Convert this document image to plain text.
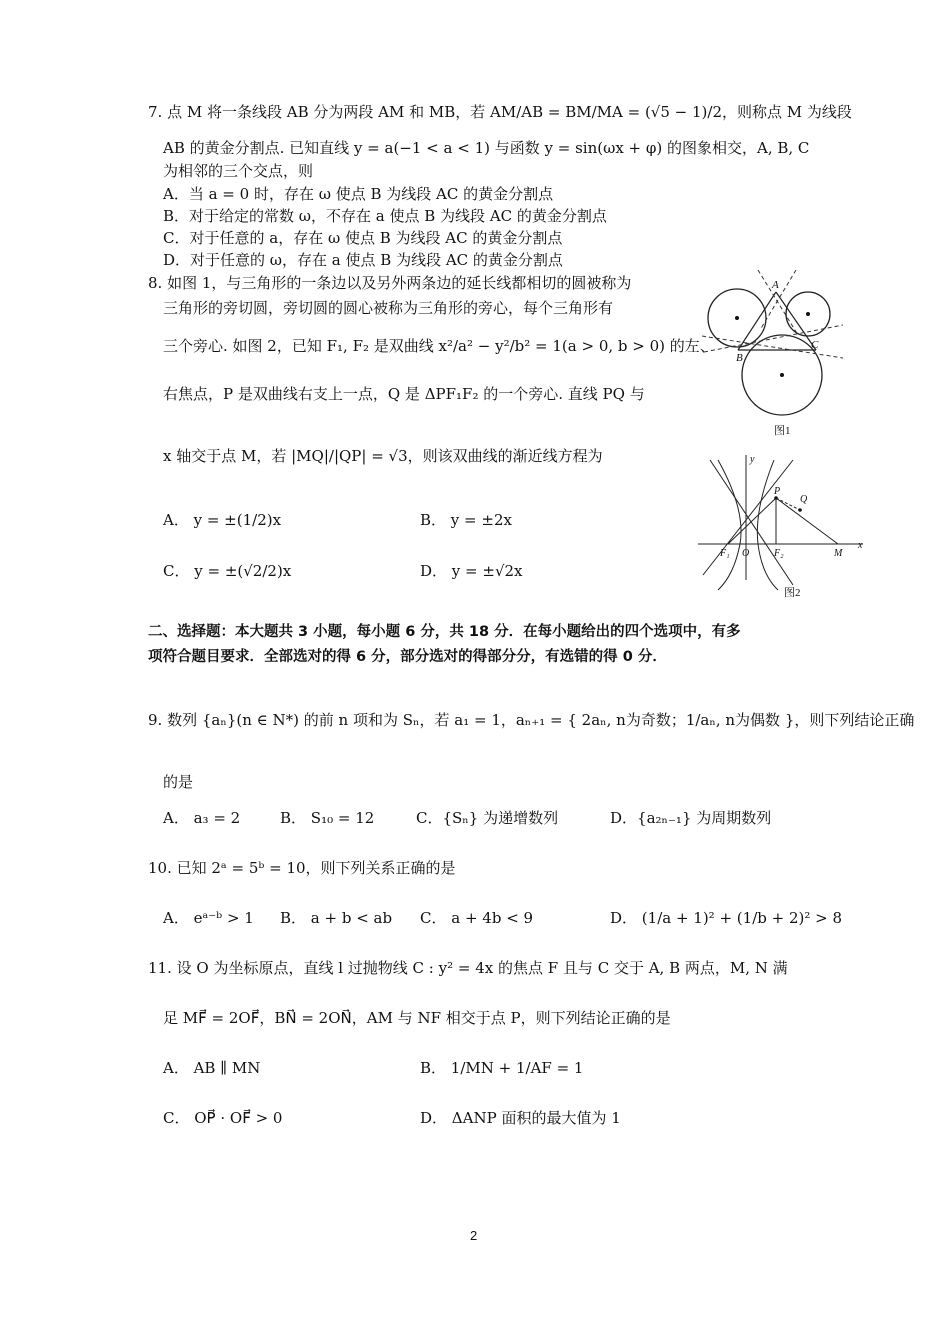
7. 点 M 将一条线段 AB 分为两段 AM 和 MB，若 AM/AB = BM/MA = (√5 − 1)/2，则称点 M 为线段
AB 的黄金分割点. 已知直线 y = a(−1 < a < 1) 与函数 y = sin(ωx + φ) 的图象相交，A, B, C
为相邻的三个交点，则
A．当 a = 0 时，存在 ω 使点 B 为线段 AC 的黄金分割点
B．对于给定的常数 ω，不存在 a 使点 B 为线段 AC 的黄金分割点
C．对于任意的 a，存在 ω 使点 B 为线段 AC 的黄金分割点
D．对于任意的 ω，存在 a 使点 B 为线段 AC 的黄金分割点
8. 如图 1，与三角形的一条边以及另外两条边的延长线都相切的圆被称为
三角形的旁切圆，旁切圆的圆心被称为三角形的旁心，每个三角形有
三个旁心. 如图 2，已知 F₁, F₂ 是双曲线 x²/a² − y²/b² = 1(a > 0, b > 0) 的左、
右焦点，P 是双曲线右支上一点，Q 是 ΔPF₁F₂ 的一个旁心. 直线 PQ 与
x 轴交于点 M，若 |MQ|/|QP| = √3，则该双曲线的渐近线方程为
A． y = ±(1/2)x	B． y = ±2x
C． y = ±(√2/2)x	D． y = ±√2x
A
B
C
图1
y
P
Q
F₁ O F₂	M
x
图2
二、选择题：本大题共 3 小题，每小题 6 分，共 18 分．在每小题给出的四个选项中，有多
项符合题目要求．全部选对的得 6 分，部分选对的得部分分，有选错的得 0 分．
9. 数列 {aₙ}(n ∈ N*) 的前 n 项和为 Sₙ，若 a₁ = 1，aₙ₊₁ = { 2aₙ, n为奇数；1/aₙ, n为偶数 }，则下列结论正确
的是
A． a₃ = 2	B． S₁₀ = 12	C．{Sₙ} 为递增数列	D．{a₂ₙ₋₁} 为周期数列
10. 已知 2ᵃ = 5ᵇ = 10，则下列关系正确的是
A． eᵃ⁻ᵇ > 1 B． a + b < ab C． a + 4b < 9	D． (1/a + 1)² + (1/b + 2)² > 8
11. 设 O 为坐标原点，直线 l 过抛物线 C : y² = 4x 的焦点 F 且与 C 交于 A, B 两点，M, N 满
足 MF⃗ = 2OF⃗，BN⃗ = 2ON⃗，AM 与 NF 相交于点 P，则下列结论正确的是
A． AB ∥ MN	B． 1/MN + 1/AF = 1
C． OP⃗ · OF⃗ > 0	D． ΔANP 面积的最大值为 1
2
